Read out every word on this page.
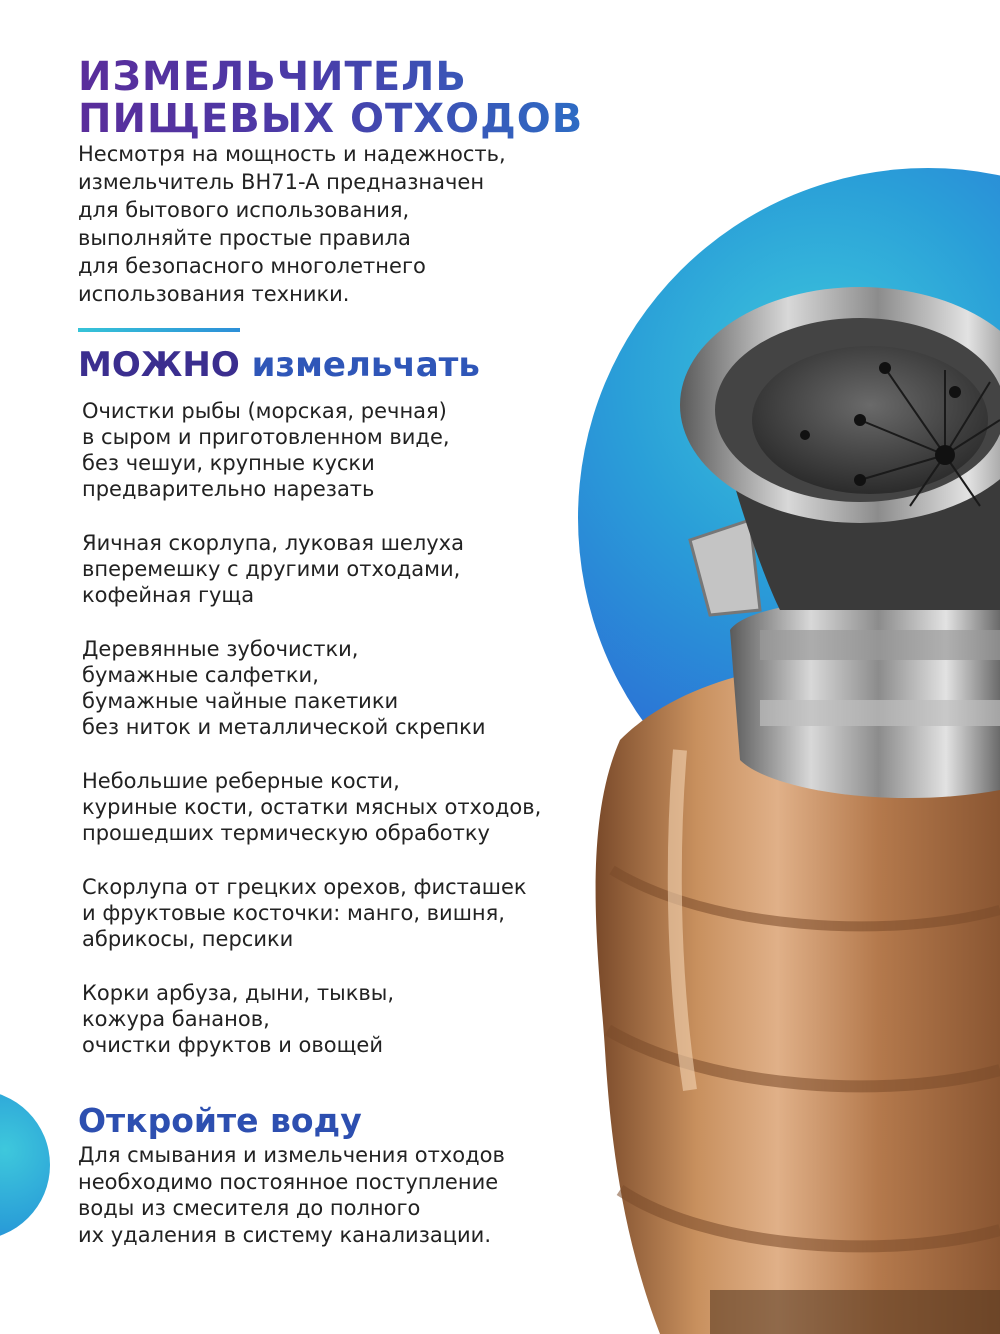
ИЗМЕЛЬЧИТЕЛЬ
ПИЩЕВЫХ ОТХОДОВ
Несмотря на мощность и надежность,
измельчитель BH71-A предназначен
для бытового использования,
выполняйте простые правила
для безопасного многолетнего
использования техники.
МОЖНО измельчать
Очистки рыбы (морская, речная)
в сыром и приготовленном виде,
без чешуи, крупные куски
предварительно нарезать
Яичная скорлупа, луковая шелуха
вперемешку с другими отходами,
кофейная гуща
Деревянные зубочистки,
бумажные салфетки,
бумажные чайные пакетики
без ниток и металлической скрепки
Небольшие реберные кости,
куриные кости, остатки мясных отходов,
прошедших термическую обработку
Скорлупа от грецких орехов, фисташек
и фруктовые косточки: манго, вишня,
абрикосы, персики
Корки арбуза, дыни, тыквы,
кожура бананов,
очистки фруктов и овощей
Откройте воду
Для смывания и измельчения отходов
необходимо постоянное поступление
воды из смесителя до полного
их удаления в систему канализации.
